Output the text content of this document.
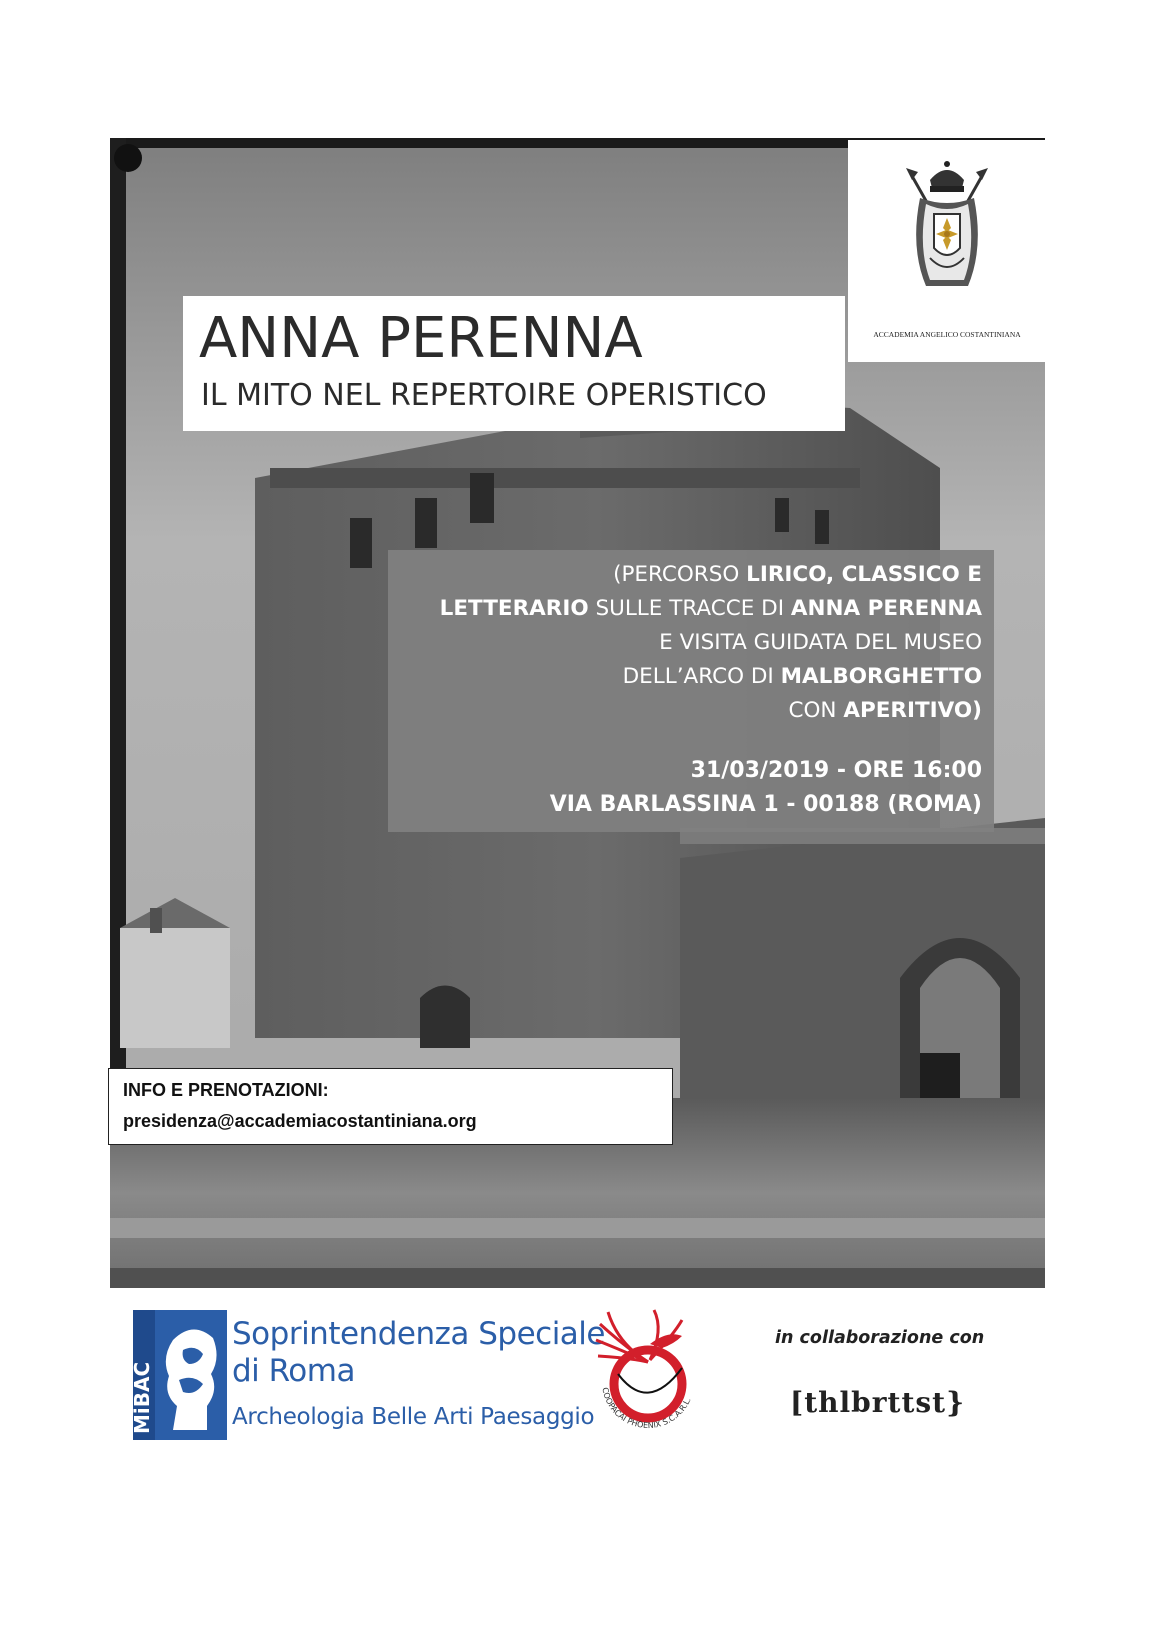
ANNA PERENNA
IL MITO NEL REPERTOIRE OPERISTICO
ACCADEMIA ANGELICO COSTANTINIANA
(PERCORSO LIRICO, CLASSICO E
LETTERARIO SULLE TRACCE DI ANNA PERENNA
E VISITA GUIDATA DEL MUSEO
DELL’ARCO DI MALBORGHETTO
CON APERITIVO)
31/03/2019 - ORE 16:00
VIA BARLASSINA 1 - 00188 (ROMA)
INFO E PRENOTAZIONI:
presidenza@accademiacostantiniana.org
MiBAC
Soprintendenza Speciale
di Roma
Archeologia Belle Arti Paesaggio
COOPACAI PHOENIX S.C.A.R.L.
in collaborazione con
[thlbrttst}
